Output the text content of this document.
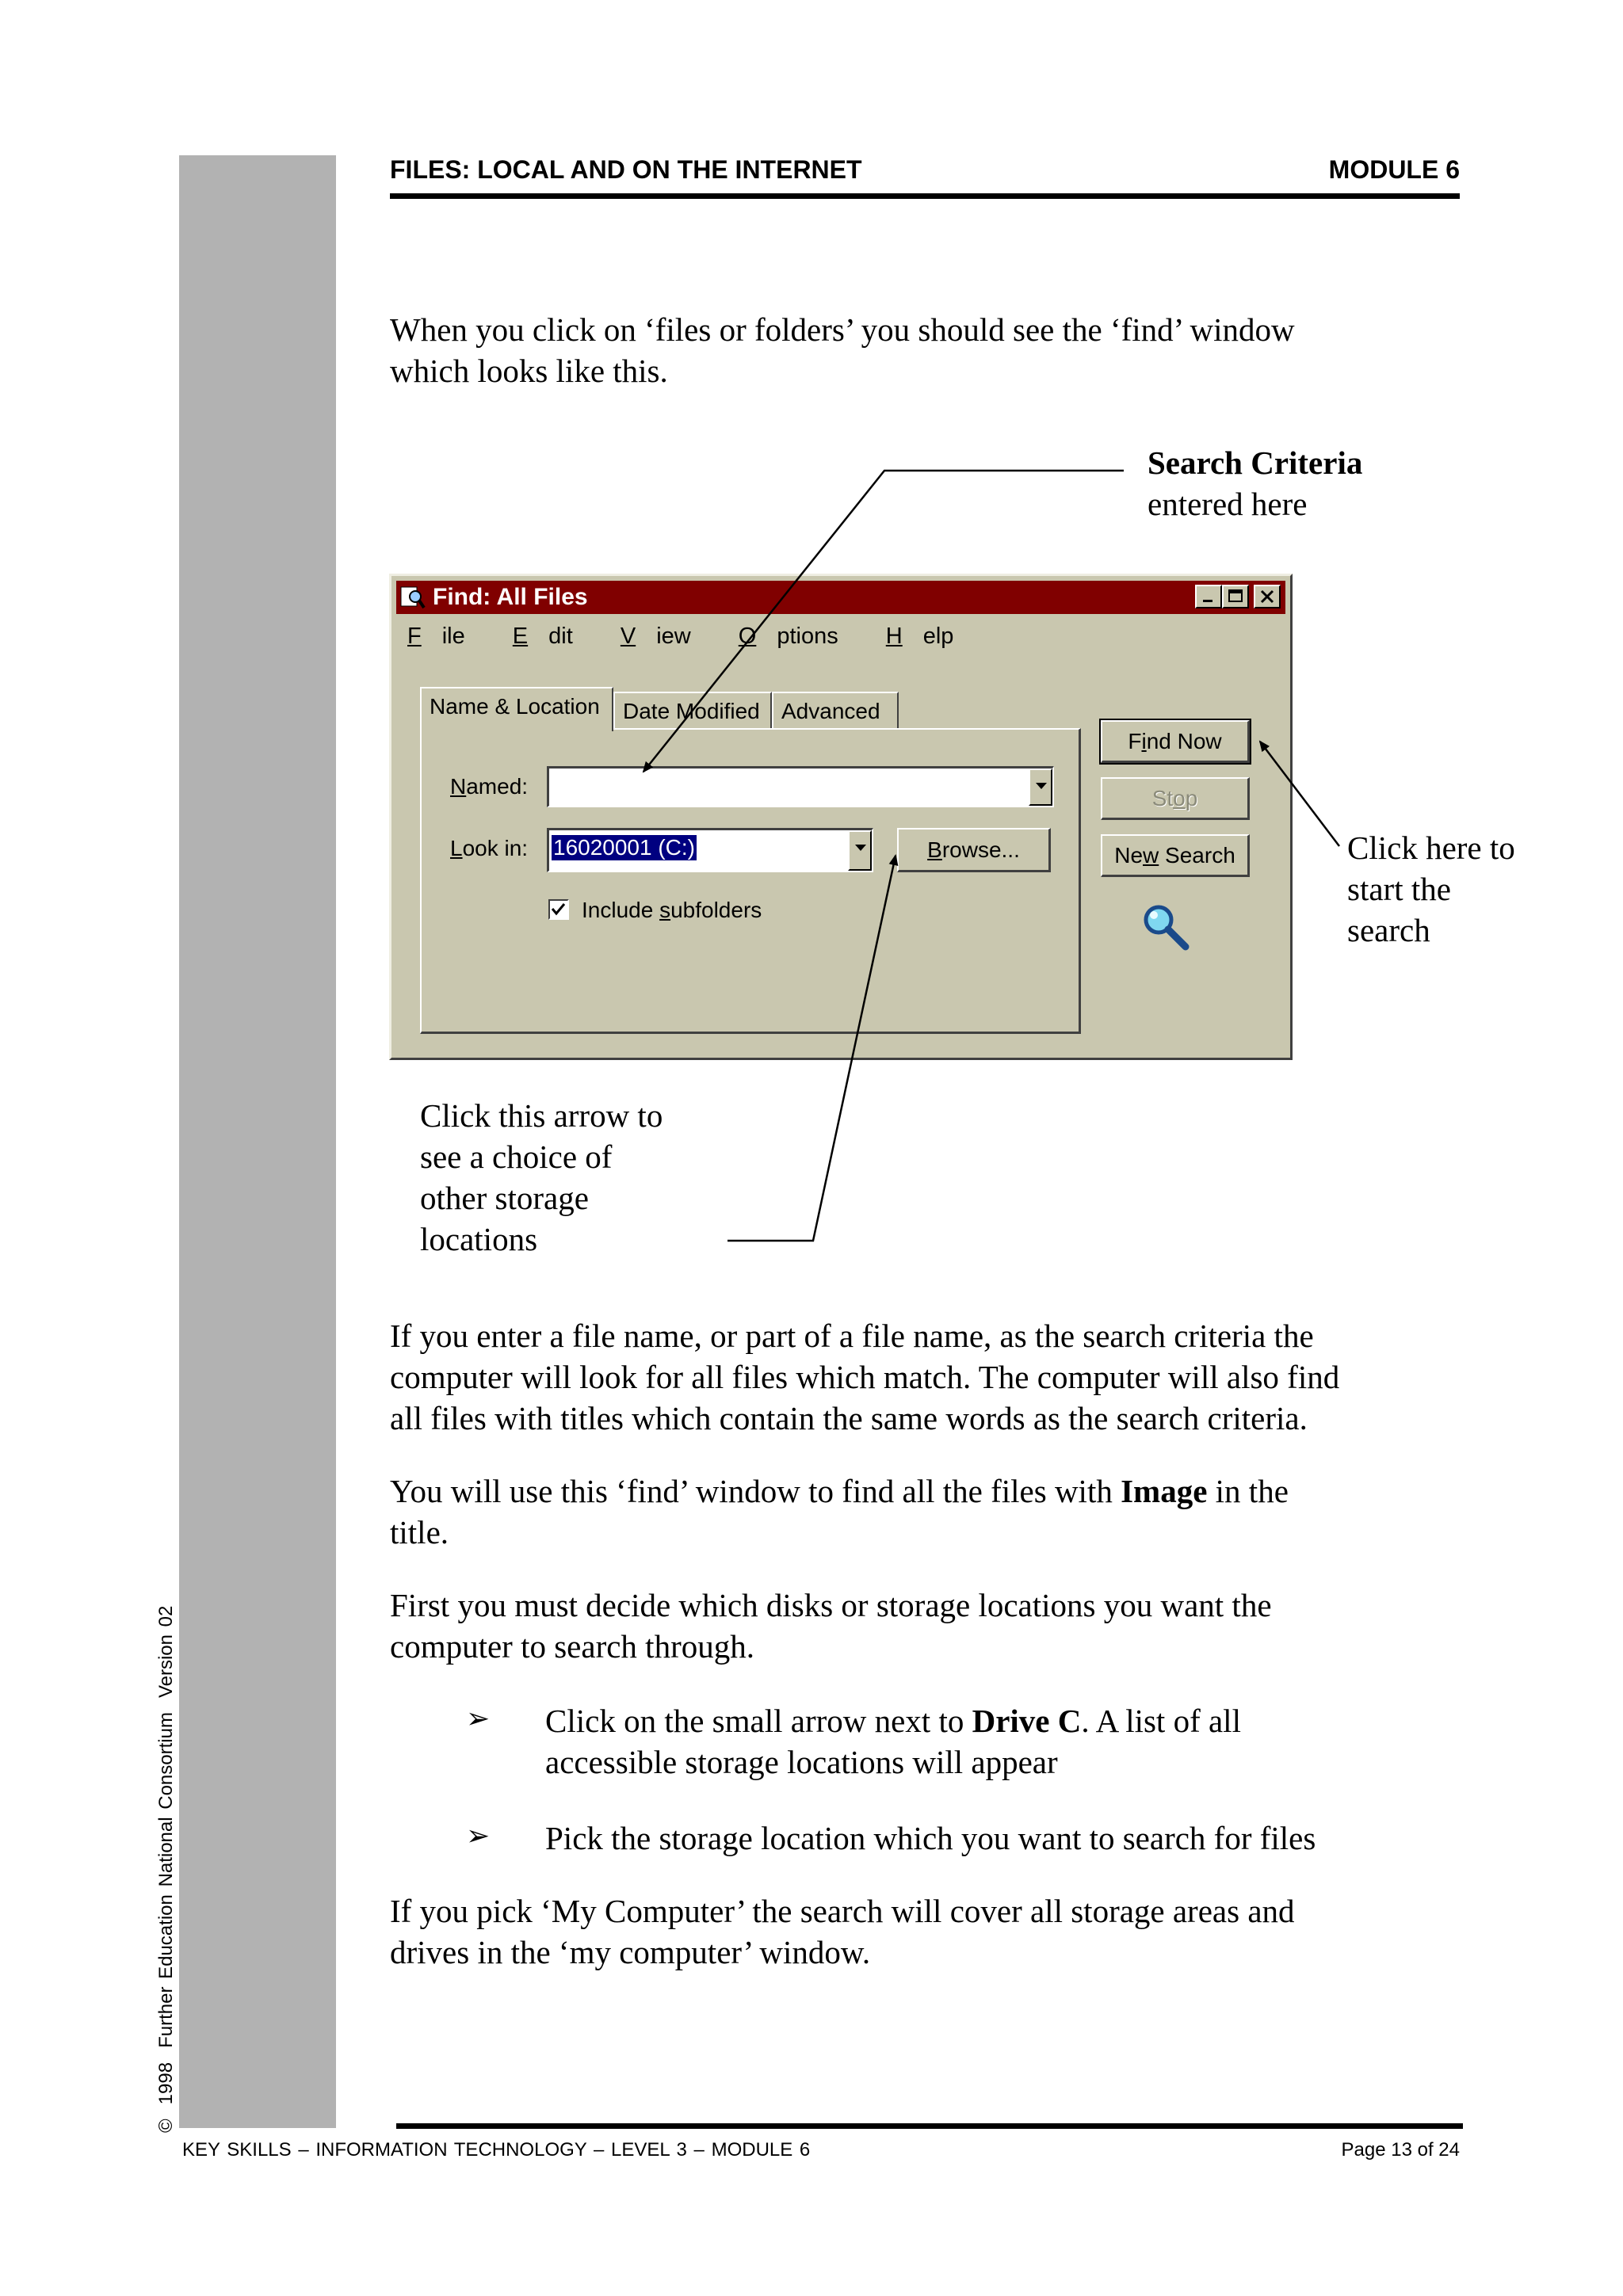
©1998Further Education National ConsortiumVersion 02
FILES: LOCAL AND ON THE INTERNET	MODULE 6

When you click on ‘files or folders’ you should see the ‘find’ window
which looks like this.

Search Criteria
entered here
Find: All Files
F ile E dit V iew O ptions H elp
Name & Location	Date Modified Advanced
Named:
Look in: 16020001 (C:)	Browse...
Include subfolders
Find Now
Stop
New Search	Click here to
start the
search
Click this arrow to
see a choice of
other storage
locations

If you enter a file name, or part of a file name, as the search criteria the
computer will look for all files which match. The computer will also find
all files with titles which contain the same words as the search criteria.

You will use this ‘find’ window to find all the files with Image in the
title.

First you must decide which disks or storage locations you want the
computer to search through.

➢ Click on the small arrow next to Drive C. A list of all
accessible storage locations will appear
➢ Pick the storage location which you want to search for files

If you pick ‘My Computer’ the search will cover all storage areas and
drives in the ‘my computer’ window.

KEY SKILLS – INFORMATION TECHNOLOGY – LEVEL 3 – MODULE 6	Page 13 of 24
